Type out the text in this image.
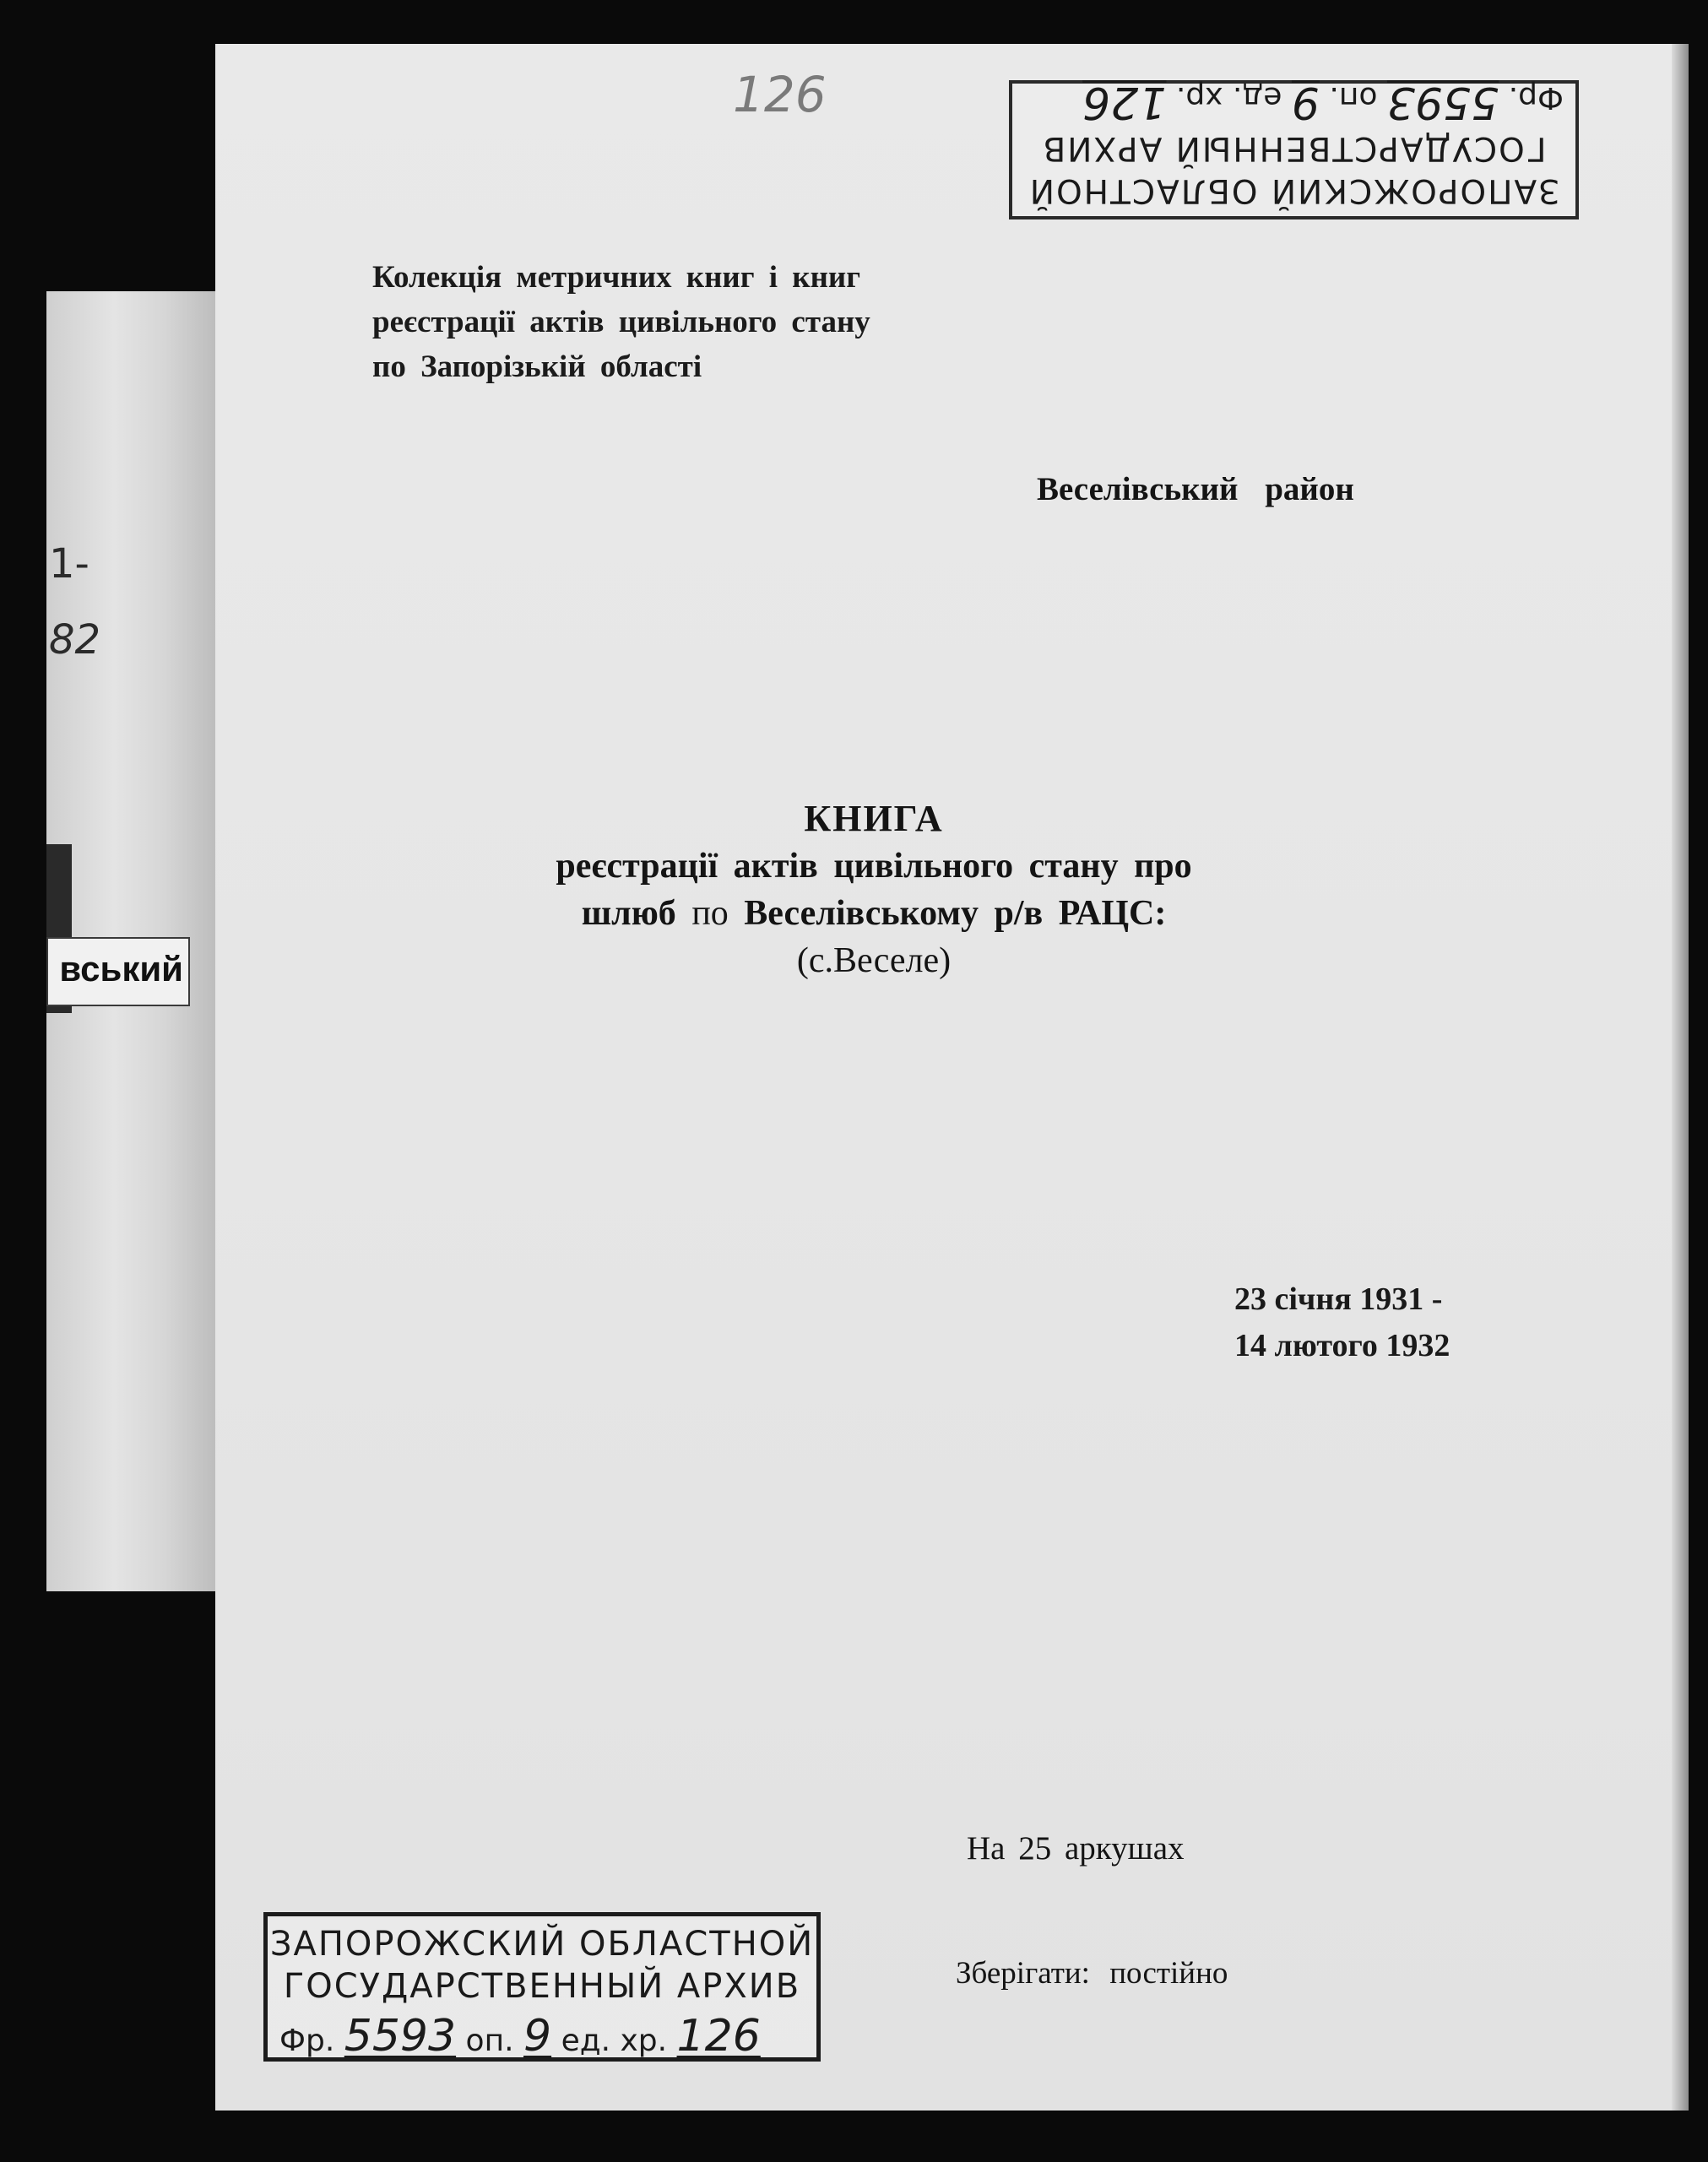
1-
82
вський
126
ЗАПОРОЖСКИЙ ОБЛАСТНОЙ
ГОСУДАРСТВЕННЫЙ АРХИВ
Фр. 5593 оп. 9 ед. хр. 126
Колекція метричних книг і книг
реєстрації актів цивільного стану
по Запорізькій області
Веселівський район
КНИГА
реєстрації актів цивільного стану про
шлюб по Веселівському р/в РАЦС:
(с.Веселе)
23 січня 1931 -
14 лютого 1932
На 25 аркушах
Зберігати: постійно
ЗАПОРОЖСКИЙ ОБЛАСТНОЙ
ГОСУДАРСТВЕННЫЙ АРХИВ
Фр. 5593 оп. 9 ед. хр. 126
